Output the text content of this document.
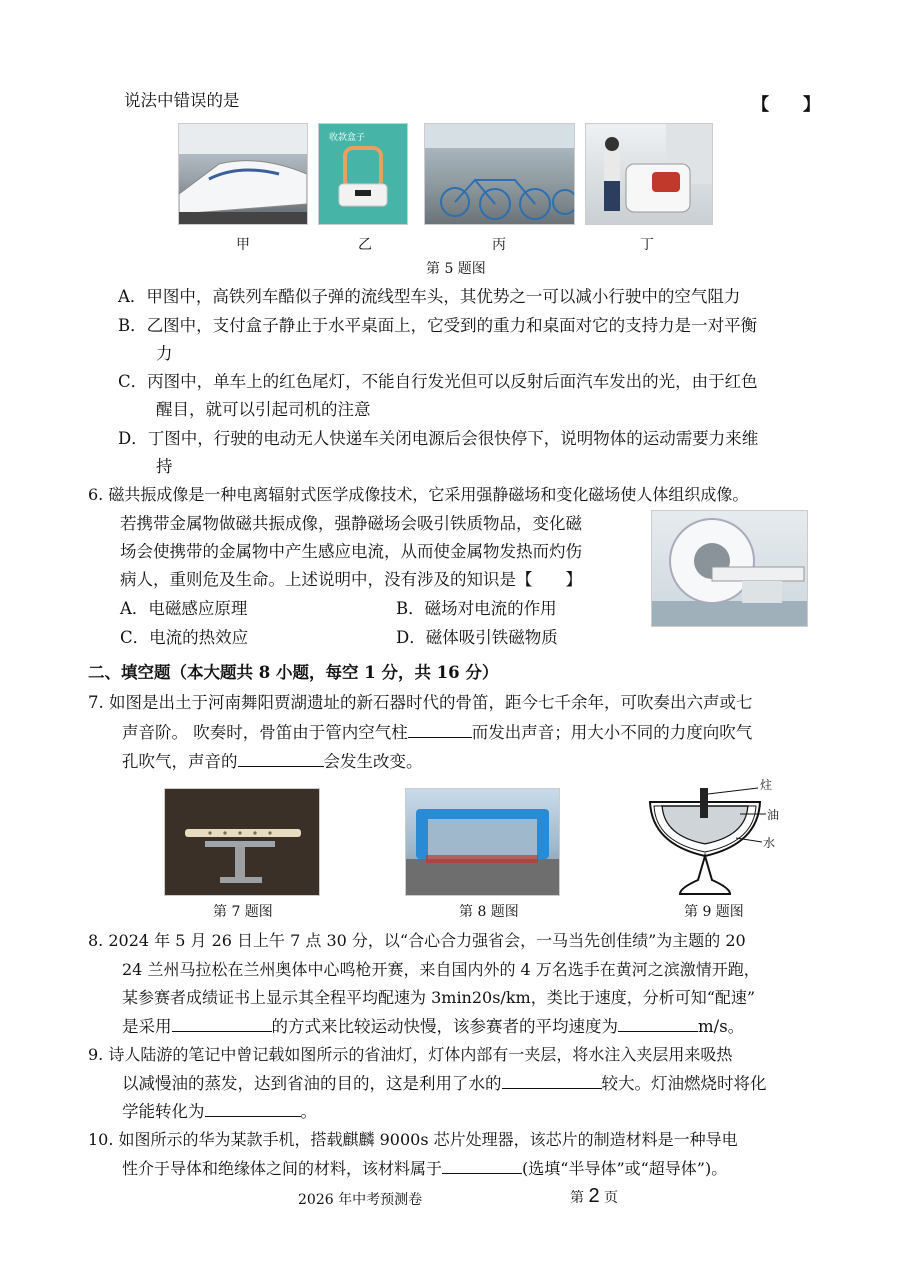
说法中错误的是	【　　】
收款盒子
甲	乙	丙	丁
第 5 题图
A．甲图中，高铁列车酷似子弹的流线型车头，其优势之一可以减小行驶中的空气阻力
B．乙图中，支付盒子静止于水平桌面上，它受到的重力和桌面对它的支持力是一对平衡
力
C．丙图中，单车上的红色尾灯，不能自行发光但可以反射后面汽车发出的光，由于红色
醒目，就可以引起司机的注意
D．丁图中，行驶的电动无人快递车关闭电源后会很快停下，说明物体的运动需要力来维
持
6. 磁共振成像是一种电离辐射式医学成像技术，它采用强静磁场和变化磁场使人体组织成像。
若携带金属物做磁共振成像，强静磁场会吸引铁质物品，变化磁
场会使携带的金属物中产生感应电流，从而使金属物发热而灼伤
病人，重则危及生命。上述说明中，没有涉及的知识是【　　】
A．电磁感应原理	B．磁场对电流的作用
C．电流的热效应	D．磁体吸引铁磁物质
二、填空题（本大题共 8 小题，每空 1 分，共 16 分）
7. 如图是出土于河南舞阳贾湖遗址的新石器时代的骨笛，距今七千余年，可吹奏出六声或七
声音阶。 吹奏时，骨笛由于管内空气柱	而发出声音；用大小不同的力度向吹气
孔吹气，声音的	会发生改变。
炷
油
水
第 7 题图	第 8 题图	第 9 题图
8. 2024 年 5 月 26 日上午 7 点 30 分，以“合心合力强省会，一马当先创佳绩”为主题的 20
24 兰州马拉松在兰州奥体中心鸣枪开赛，来自国内外的 4 万名选手在黄河之滨激情开跑，
某参赛者成绩证书上显示其全程平均配速为 3min20s/km，类比于速度，分析可知“配速”
是采用	的方式来比较运动快慢，该参赛者的平均速度为	m/s。
9. 诗人陆游的笔记中曾记载如图所示的省油灯，灯体内部有一夹层，将水注入夹层用来吸热
以减慢油的蒸发，达到省油的目的，这是利用了水的	较大。灯油燃烧时将化
学能转化为	。
10. 如图所示的华为某款手机，搭载麒麟 9000s 芯片处理器，该芯片的制造材料是一种导电
性介于导体和绝缘体之间的材料，该材料属于	(选填“半导体”或“超导体”)。
2026 年中考预测卷	第 2 页
